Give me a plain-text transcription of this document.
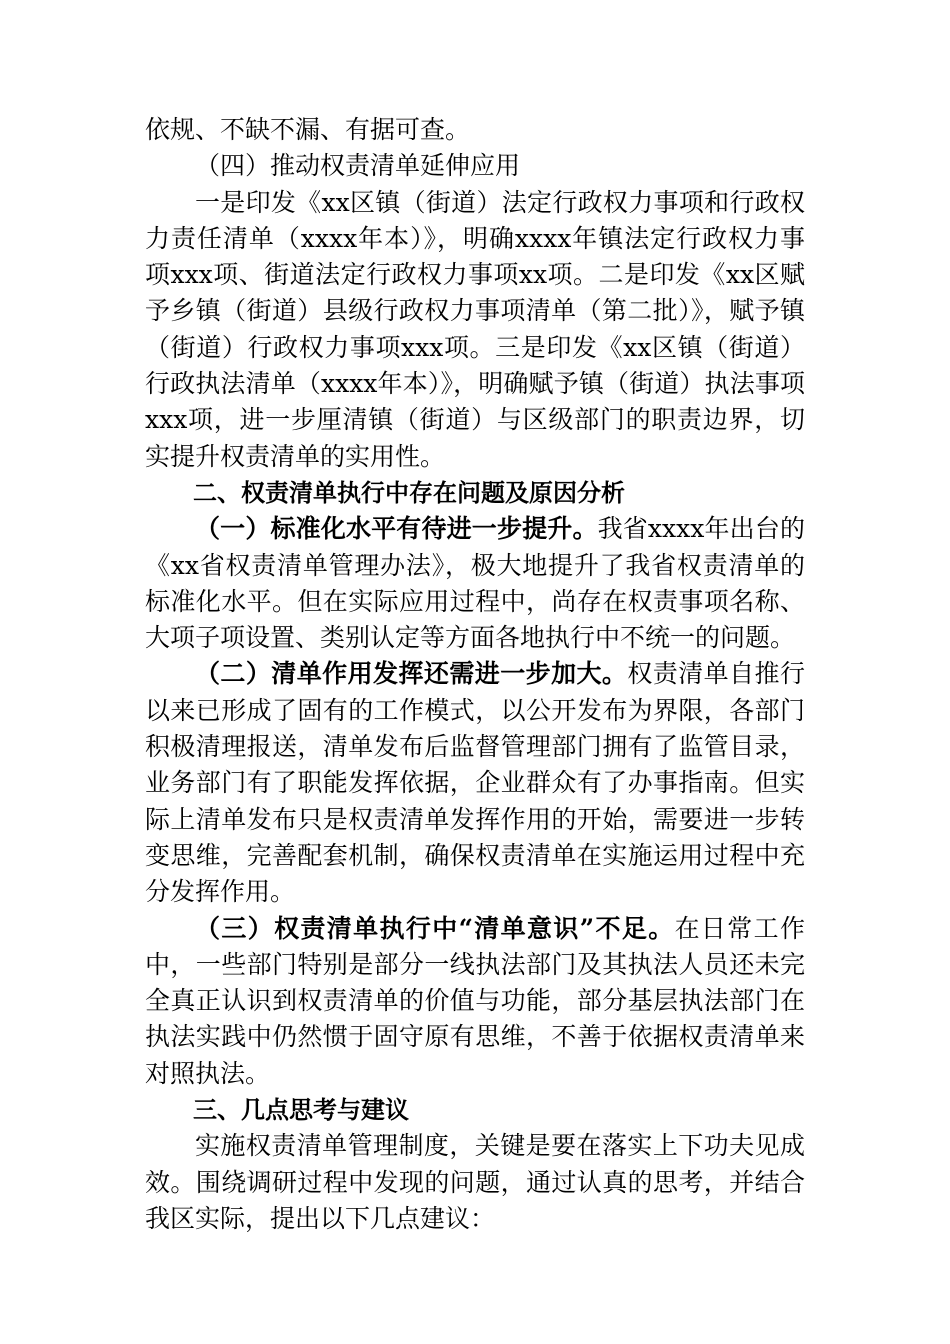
依规、不缺不漏、有据可查。

（四）推动权责清单延伸应用

一是印发《xx区镇（街道）法定行政权力事项和行政权力责任清单（xxxx年本）》，明确xxxx年镇法定行政权力事项xxx项、街道法定行政权力事项xx项。二是印发《xx区赋予乡镇（街道）县级行政权力事项清单（第二批）》，赋予镇（街道）行政权力事项xxx项。三是印发《xx区镇（街道）行政执法清单（xxxx年本）》，明确赋予镇（街道）执法事项xxx项，进一步厘清镇（街道）与区级部门的职责边界，切实提升权责清单的实用性。

二、权责清单执行中存在问题及原因分析

（一）标准化水平有待进一步提升。我省xxxx年出台的《xx省权责清单管理办法》，极大地提升了我省权责清单的标准化水平。但在实际应用过程中，尚存在权责事项名称、大项子项设置、类别认定等方面各地执行中不统一的问题。

（二）清单作用发挥还需进一步加大。权责清单自推行以来已形成了固有的工作模式，以公开发布为界限，各部门积极清理报送，清单发布后监督管理部门拥有了监管目录，业务部门有了职能发挥依据，企业群众有了办事指南。但实际上清单发布只是权责清单发挥作用的开始，需要进一步转变思维，完善配套机制，确保权责清单在实施运用过程中充分发挥作用。

（三）权责清单执行中“清单意识”不足。在日常工作中，一些部门特别是部分一线执法部门及其执法人员还未完全真正认识到权责清单的价值与功能，部分基层执法部门在执法实践中仍然惯于固守原有思维，不善于依据权责清单来对照执法。

三、几点思考与建议

实施权责清单管理制度，关键是要在落实上下功夫见成效。围绕调研过程中发现的问题，通过认真的思考，并结合我区实际，提出以下几点建议：
